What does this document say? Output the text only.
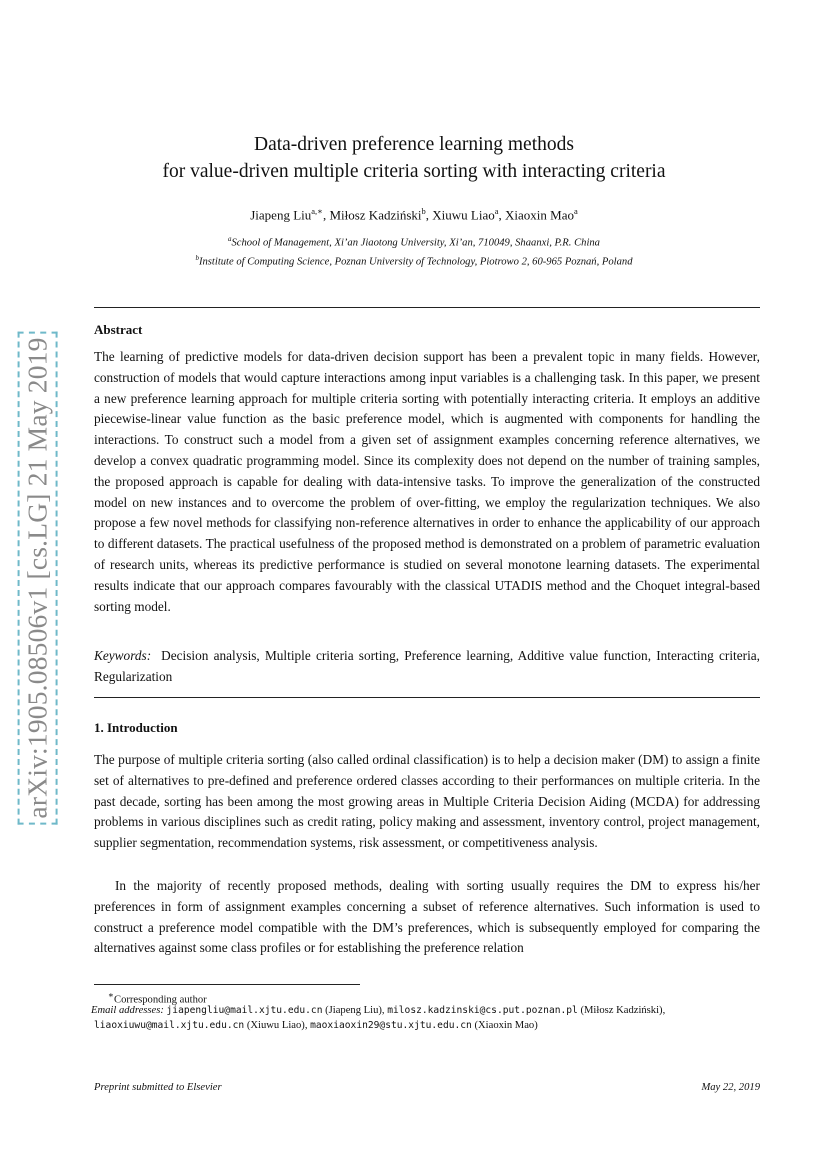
arXiv:1905.08506v1 [cs.LG] 21 May 2019
Data-driven preference learning methods
for value-driven multiple criteria sorting with interacting criteria
Jiapeng Liu$^{a,∗}$, Miłosz Kadziński$^b$, Xiuwu Liao$^a$, Xiaoxin Mao$^a$
$^a$School of Management, Xi’an Jiaotong University, Xi’an, 710049, Shaanxi, P.R. China
$^b$Institute of Computing Science, Poznan University of Technology, Piotrowo 2, 60-965 Poznań, Poland
Abstract
The learning of predictive models for data-driven decision support has been a prevalent topic in many fields. However, construction of models that would capture interactions among input variables is a challenging task. In this paper, we present a new preference learning approach for multiple criteria sorting with potentially interacting criteria. It employs an additive piecewise-linear value function as the basic preference model, which is augmented with components for handling the interactions. To construct such a model from a given set of assignment examples concerning reference alternatives, we develop a convex quadratic programming model. Since its complexity does not depend on the number of training samples, the proposed approach is capable for dealing with data-intensive tasks. To improve the generalization of the constructed model on new instances and to overcome the problem of over-fitting, we employ the regularization techniques. We also propose a few novel methods for classifying non-reference alternatives in order to enhance the applicability of our approach to different datasets. The practical usefulness of the proposed method is demonstrated on a problem of parametric evaluation of research units, whereas its predictive performance is studied on several monotone learning datasets. The experimental results indicate that our approach compares favourably with the classical UTADIS method and the Choquet integral-based sorting model.
Keywords: Decision analysis, Multiple criteria sorting, Preference learning, Additive value function, Interacting criteria, Regularization
1. Introduction
The purpose of multiple criteria sorting (also called ordinal classification) is to help a decision maker (DM) to assign a finite set of alternatives to pre-defined and preference ordered classes according to their performances on multiple criteria. In the past decade, sorting has been among the most growing areas in Multiple Criteria Decision Aiding (MCDA) for addressing problems in various disciplines such as credit rating, policy making and assessment, inventory control, project management, supplier segmentation, recommendation systems, risk assessment, or competitiveness analysis.
In the majority of recently proposed methods, dealing with sorting usually requires the DM to express his/her preferences in form of assignment examples concerning a subset of reference alternatives. Such information is used to construct a preference model compatible with the DM’s preferences, which is subsequently employed for comparing the alternatives against some class profiles or for establishing the preference relation
∗Corresponding author
Email addresses: jiapengliu@mail.xjtu.edu.cn (Jiapeng Liu), milosz.kadzinski@cs.put.poznan.pl (Miłosz Kadziński),
liaoxiuwu@mail.xjtu.edu.cn (Xiuwu Liao), maoxiaoxin29@stu.xjtu.edu.cn (Xiaoxin Mao)
Preprint submitted to Elsevier	May 22, 2019
